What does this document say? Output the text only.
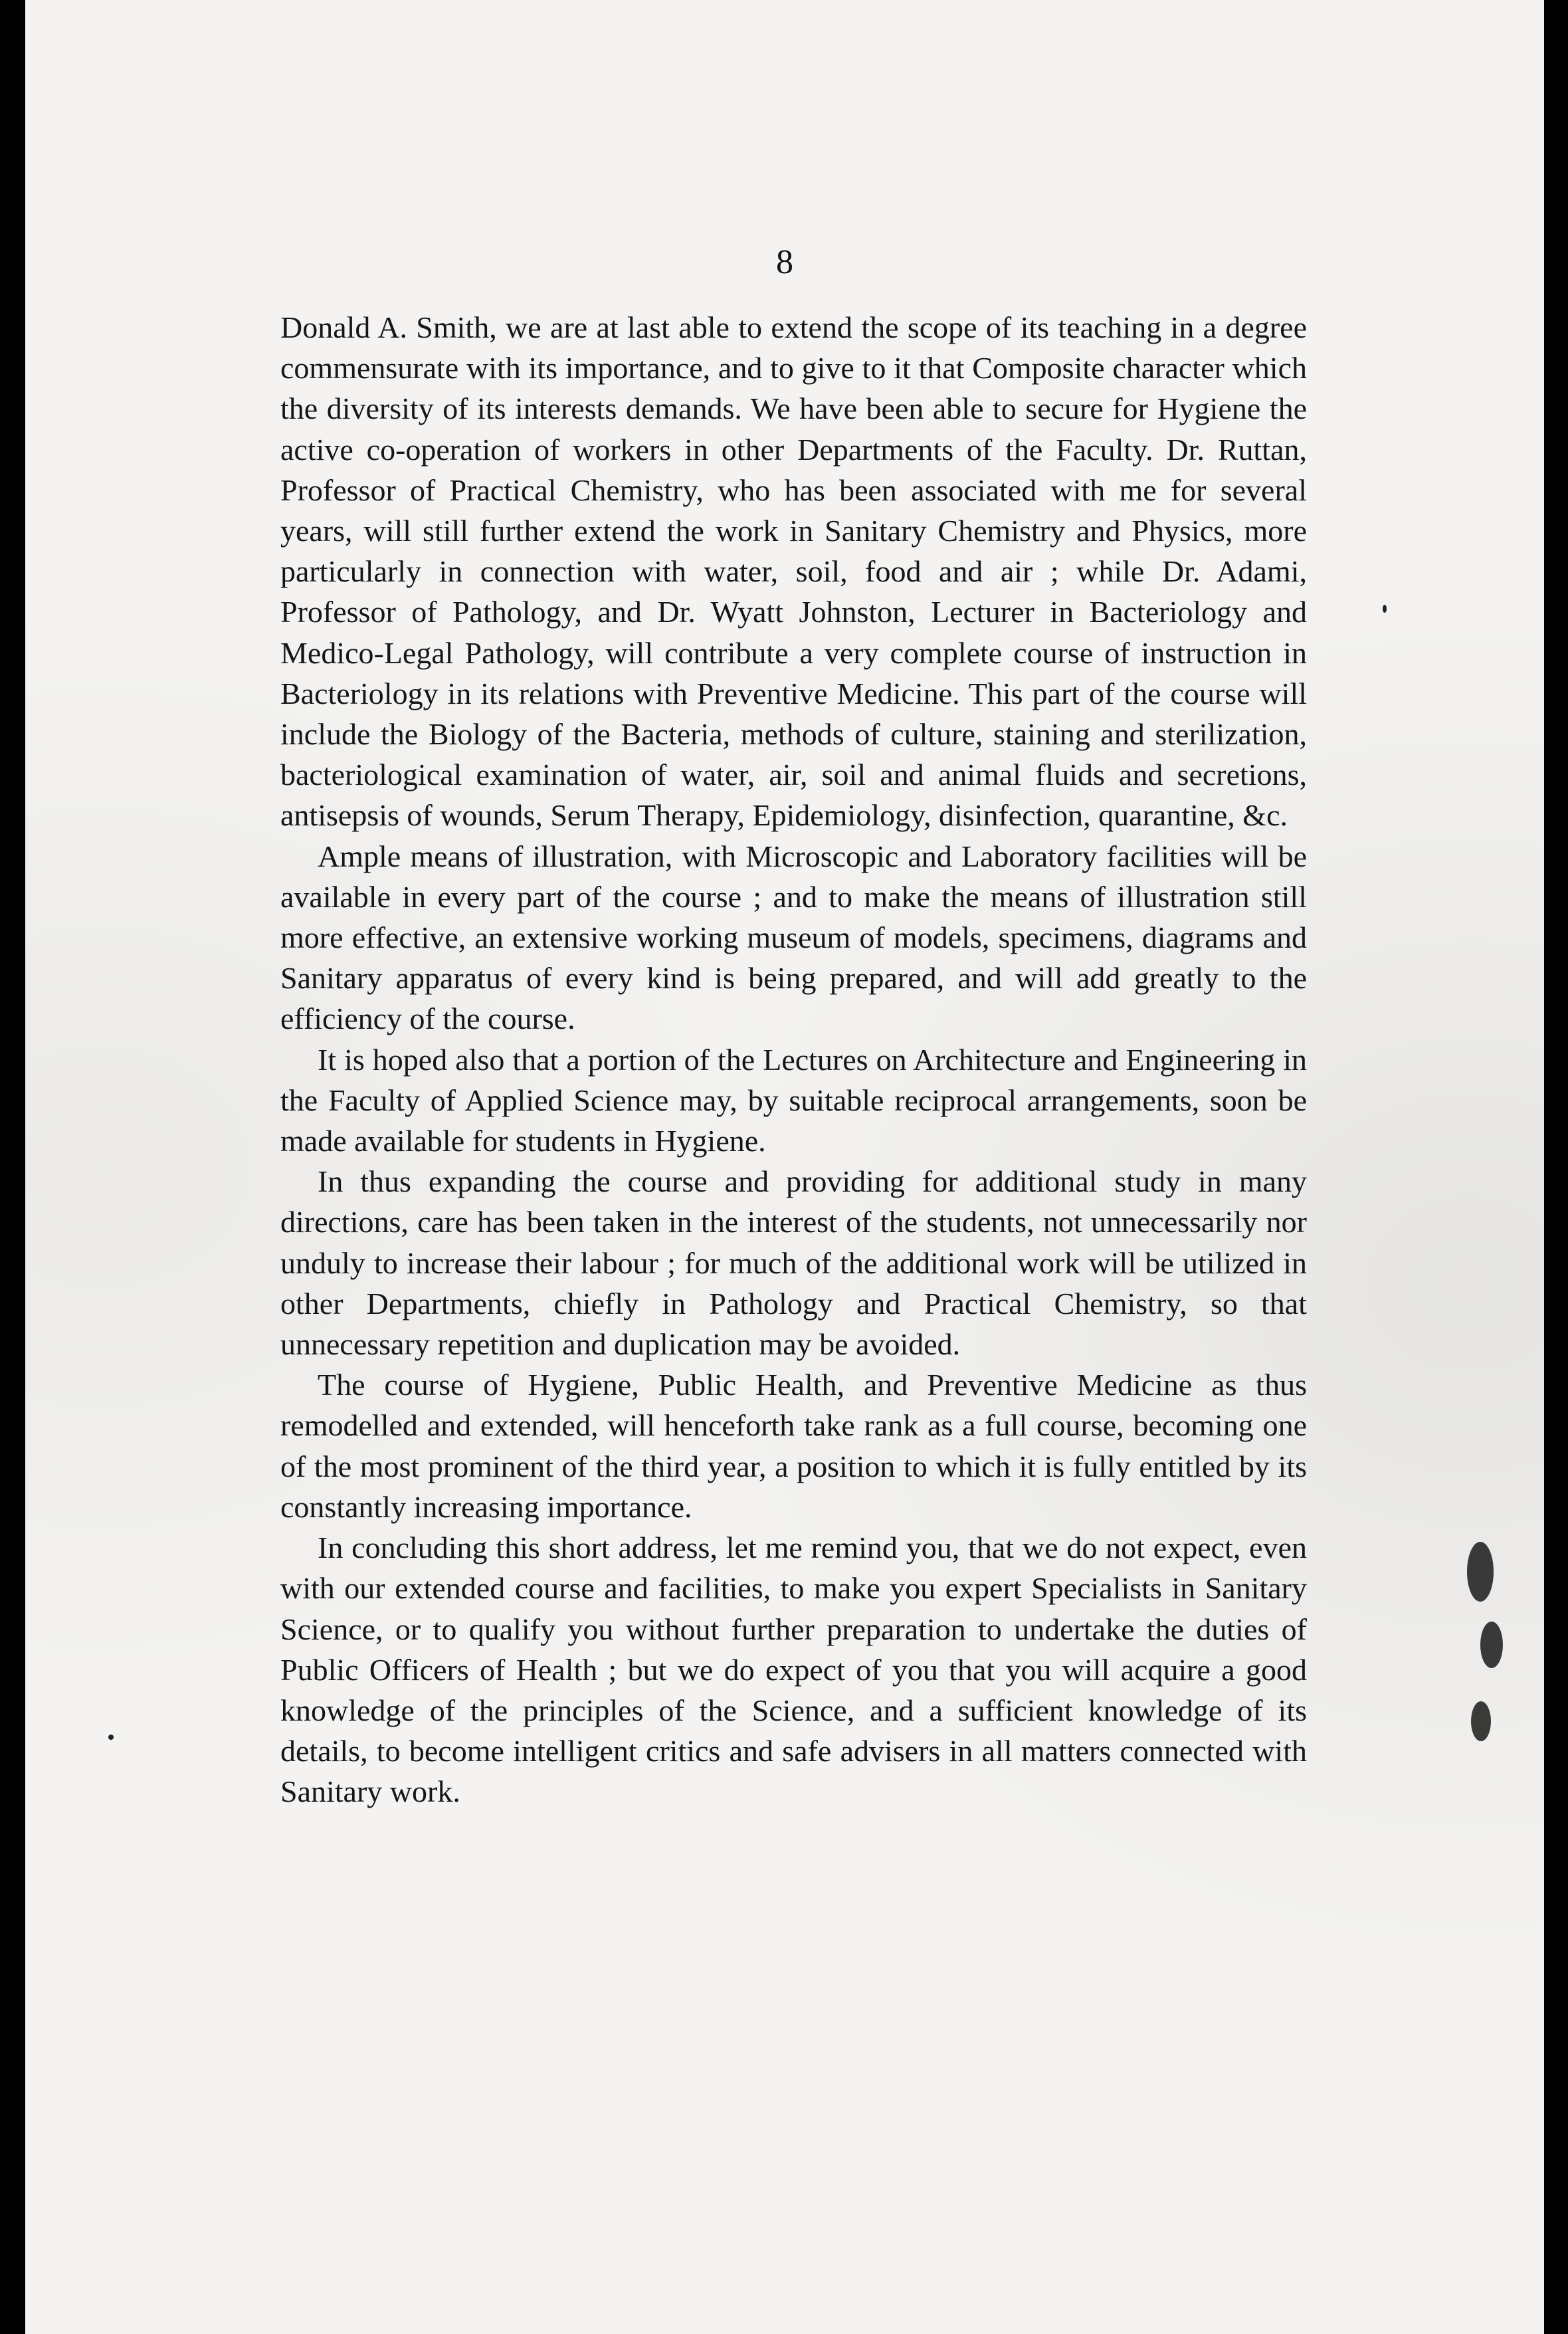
8

Donald A. Smith, we are at last able to extend the scope of its teaching in a degree commensurate with its importance, and to give to it that Composite character which the diversity of its interests demands. We have been able to secure for Hygiene the active co-operation of workers in other Departments of the Faculty. Dr. Ruttan, Professor of Practical Chemistry, who has been associated with me for several years, will still further extend the work in Sanitary Chemistry and Physics, more particularly in connection with water, soil, food and air ; while Dr. Adami, Professor of Pathology, and Dr. Wyatt Johnston, Lecturer in Bacteriology and Medico-Legal Pathology, will contribute a very complete course of instruction in Bacteriology in its relations with Preventive Medicine. This part of the course will include the Biology of the Bacteria, methods of culture, staining and sterilization, bacteriological examination of water, air, soil and animal fluids and secretions, antisepsis of wounds, Serum Therapy, Epidemiology, disinfection, quarantine, &c.

Ample means of illustration, with Microscopic and Laboratory facilities will be available in every part of the course ; and to make the means of illustration still more effective, an extensive working museum of models, specimens, diagrams and Sanitary apparatus of every kind is being prepared, and will add greatly to the efficiency of the course.

It is hoped also that a portion of the Lectures on Architecture and Engineering in the Faculty of Applied Science may, by suitable reciprocal arrangements, soon be made available for students in Hygiene.

In thus expanding the course and providing for additional study in many directions, care has been taken in the interest of the students, not unnecessarily nor unduly to increase their labour ; for much of the additional work will be utilized in other Departments, chiefly in Pathology and Practical Chemistry, so that unnecessary repetition and duplication may be avoided.

The course of Hygiene, Public Health, and Preventive Medicine as thus remodelled and extended, will henceforth take rank as a full course, becoming one of the most prominent of the third year, a position to which it is fully entitled by its constantly increasing importance.

In concluding this short address, let me remind you, that we do not expect, even with our extended course and facilities, to make you expert Specialists in Sanitary Science, or to qualify you without further preparation to undertake the duties of Public Officers of Health ; but we do expect of you that you will acquire a good knowledge of the principles of the Science, and a sufficient knowledge of its details, to become intelligent critics and safe advisers in all matters connected with Sanitary work.
